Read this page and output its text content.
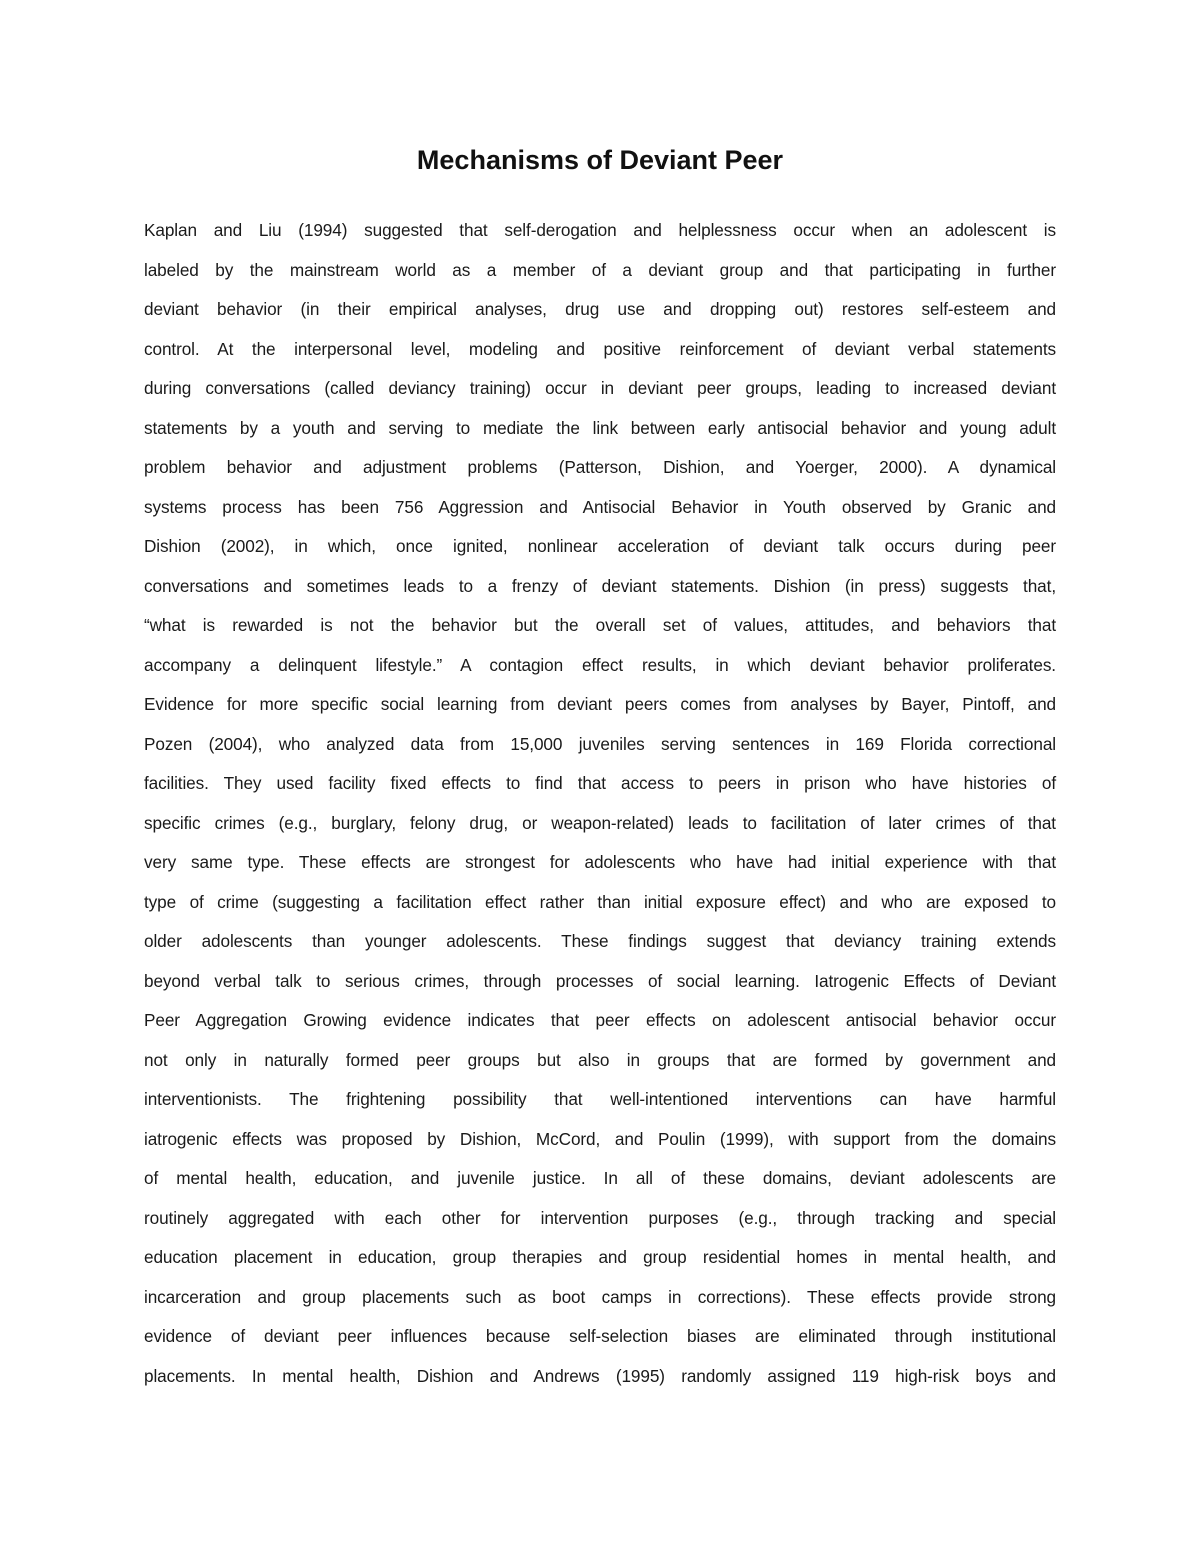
Mechanisms of Deviant Peer
Kaplan and Liu (1994) suggested that self-derogation and helplessness occur when an adolescent is
labeled by the mainstream world as a member of a deviant group and that participating in further
deviant behavior (in their empirical analyses, drug use and dropping out) restores self-esteem and
control. At the interpersonal level, modeling and positive reinforcement of deviant verbal statements
during conversations (called deviancy training) occur in deviant peer groups, leading to increased deviant
statements by a youth and serving to mediate the link between early antisocial behavior and young adult
problem behavior and adjustment problems (Patterson, Dishion, and Yoerger, 2000). A dynamical
systems process has been 756 Aggression and Antisocial Behavior in Youth observed by Granic and
Dishion (2002), in which, once ignited, nonlinear acceleration of deviant talk occurs during peer
conversations and sometimes leads to a frenzy of deviant statements. Dishion (in press) suggests that,
“what is rewarded is not the behavior but the overall set of values, attitudes, and behaviors that
accompany a delinquent lifestyle.” A contagion effect results, in which deviant behavior proliferates.
Evidence for more specific social learning from deviant peers comes from analyses by Bayer, Pintoff, and
Pozen (2004), who analyzed data from 15,000 juveniles serving sentences in 169 Florida correctional
facilities. They used facility fixed effects to find that access to peers in prison who have histories of
specific crimes (e.g., burglary, felony drug, or weapon-related) leads to facilitation of later crimes of that
very same type. These effects are strongest for adolescents who have had initial experience with that
type of crime (suggesting a facilitation effect rather than initial exposure effect) and who are exposed to
older adolescents than younger adolescents. These findings suggest that deviancy training extends
beyond verbal talk to serious crimes, through processes of social learning. Iatrogenic Effects of Deviant
Peer Aggregation Growing evidence indicates that peer effects on adolescent antisocial behavior occur
not only in naturally formed peer groups but also in groups that are formed by government and
interventionists. The frightening possibility that well-intentioned interventions can have harmful
iatrogenic effects was proposed by Dishion, McCord, and Poulin (1999), with support from the domains
of mental health, education, and juvenile justice. In all of these domains, deviant adolescents are
routinely aggregated with each other for intervention purposes (e.g., through tracking and special
education placement in education, group therapies and group residential homes in mental health, and
incarceration and group placements such as boot camps in corrections). These effects provide strong
evidence of deviant peer influences because self-selection biases are eliminated through institutional
placements. In mental health, Dishion and Andrews (1995) randomly assigned 119 high-risk boys and
